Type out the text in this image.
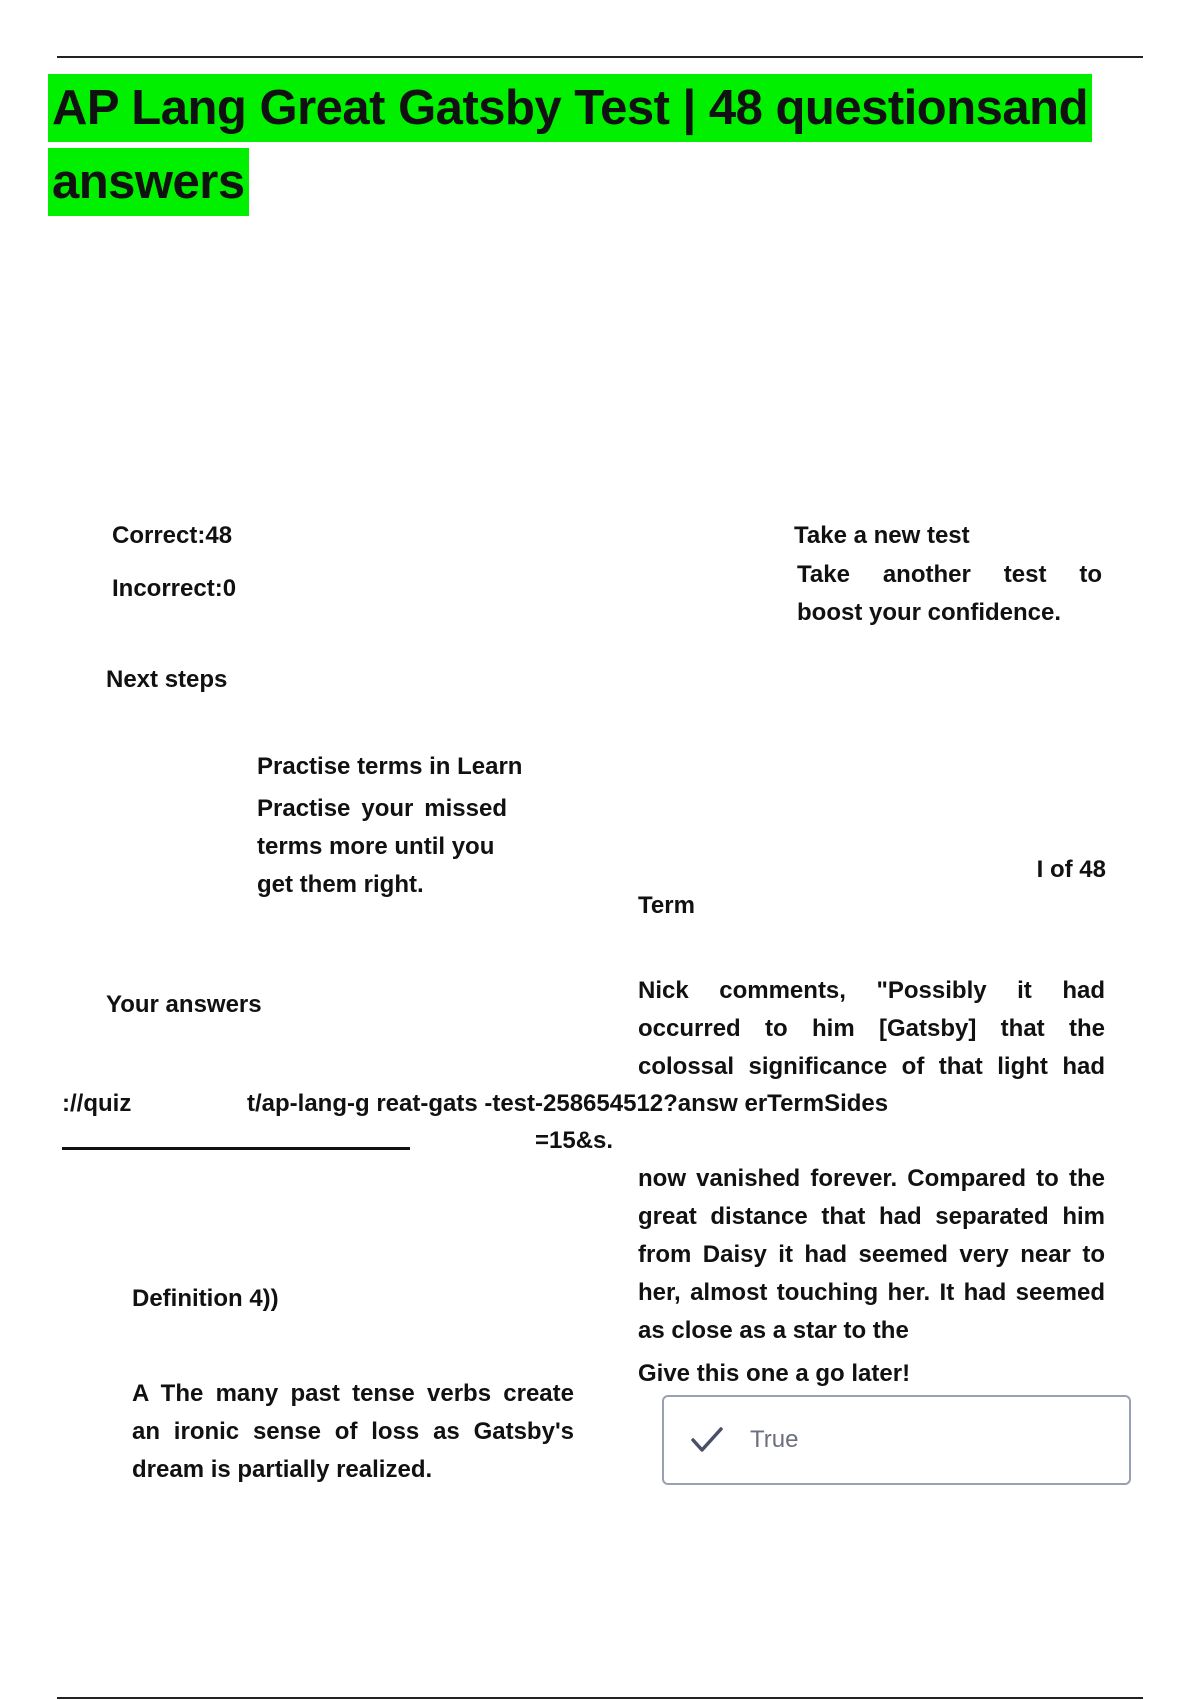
AP Lang Great Gatsby Test | 48 questionsand
answers
Correct:48
Incorrect:0
Take a new test
Take another test to
boost your confidence.
Next steps
Practise terms in Learn
Practise your missed
terms more until you
get them right.
I of 48
Term
Your answers
Nick comments, "Possibly it had
occurred to him [Gatsby] that the
colossal significance of that light had
://quiz	t/ap-lang-g reat-gats -test-258654512?answ erTermSides
=15&s.
now vanished forever. Compared to the
great distance that had separated him
from Daisy it had seemed very near to
her, almost touching her. It had seemed
as close as a star to the
Give this one a go later!
Definition 4))
A The many past tense verbs create
an ironic sense of loss as Gatsby's
dream is partially realized.
True
